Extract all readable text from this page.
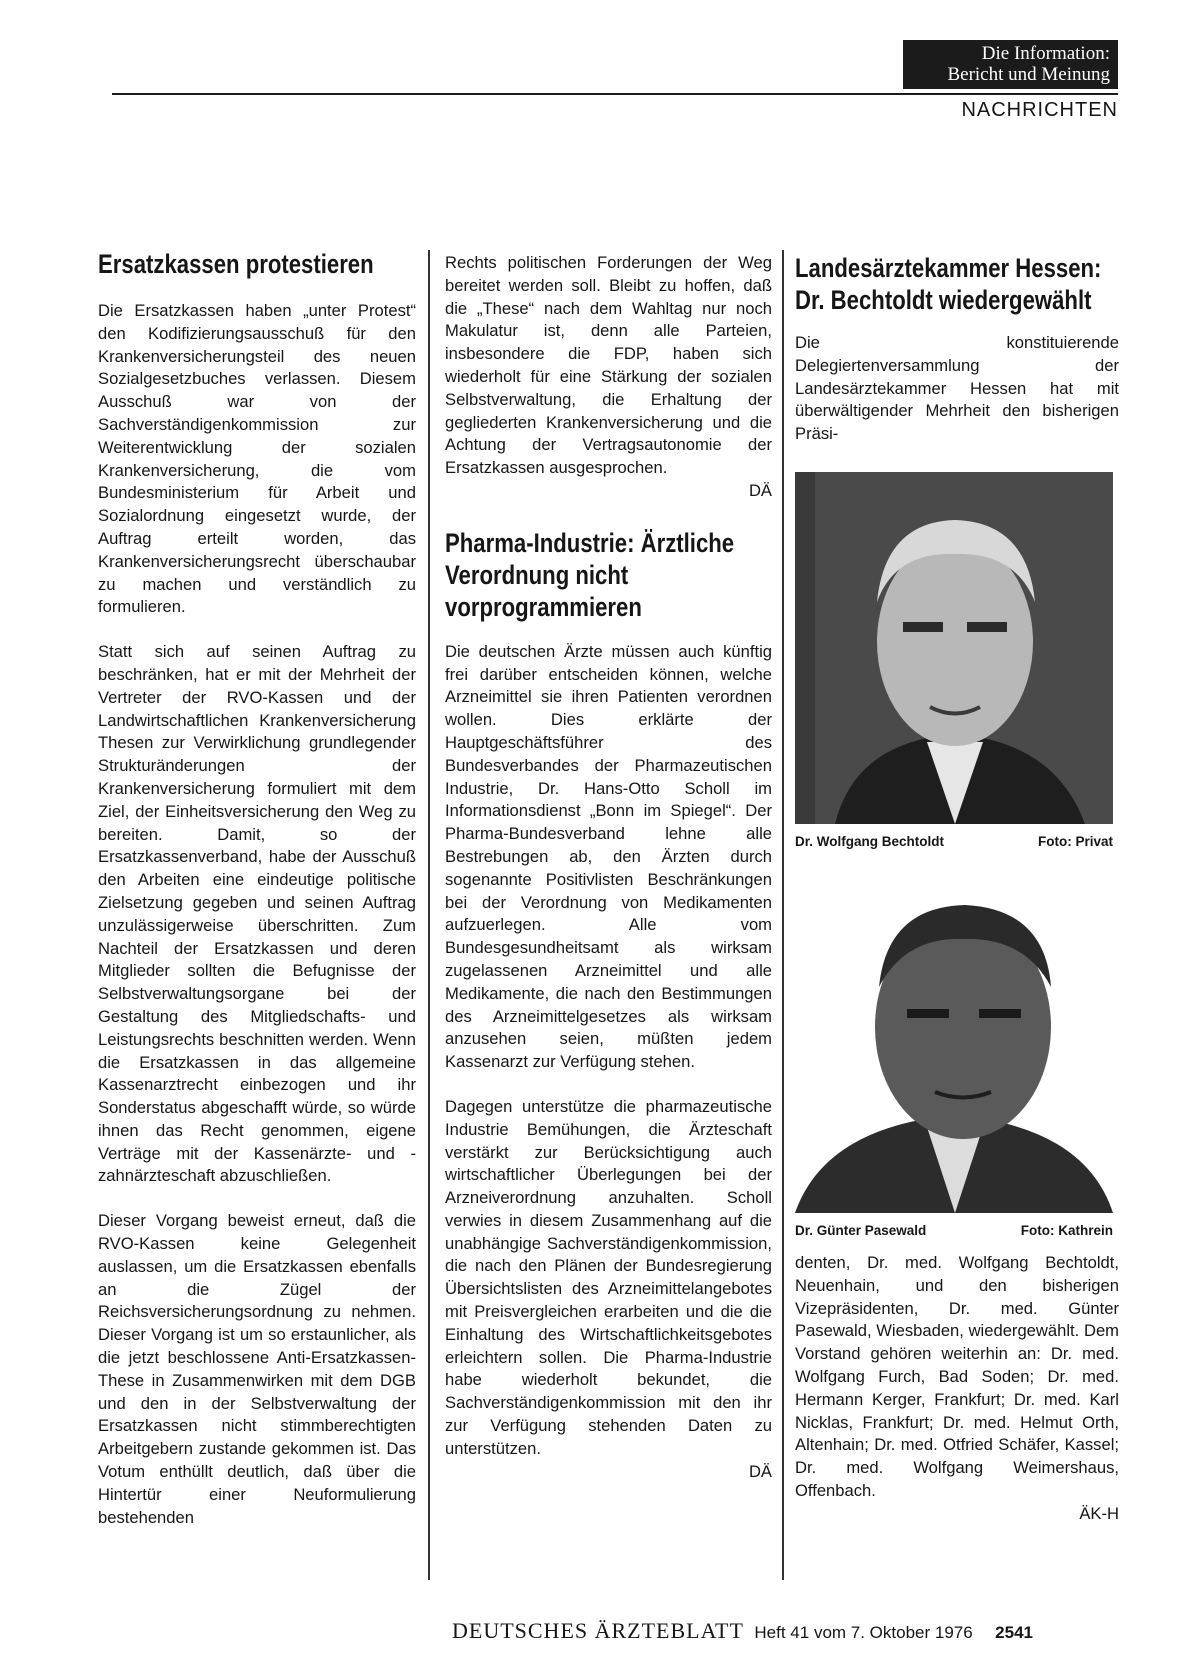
Die Information:
Bericht und Meinung
NACHRICHTEN
Ersatzkassen protestieren

Die Ersatzkassen haben „unter Protest“ den Kodifizierungsausschuß für den Krankenversicherungsteil des neuen Sozialgesetzbuches verlassen. Diesem Ausschuß war von der Sachverständigenkommission zur Weiterentwicklung der sozialen Krankenversicherung, die vom Bundesministerium für Arbeit und Sozialordnung eingesetzt wurde, der Auftrag erteilt worden, das Krankenversicherungsrecht überschaubar zu machen und verständlich zu formulieren.

Statt sich auf seinen Auftrag zu beschränken, hat er mit der Mehrheit der Vertreter der RVO-Kassen und der Landwirtschaftlichen Krankenversicherung Thesen zur Verwirklichung grundlegender Strukturänderungen der Krankenversicherung formuliert mit dem Ziel, der Einheitsversicherung den Weg zu bereiten. Damit, so der Ersatzkassenverband, habe der Ausschuß den Arbeiten eine eindeutige politische Zielsetzung gegeben und seinen Auftrag unzulässigerweise überschritten. Zum Nachteil der Ersatzkassen und deren Mitglieder sollten die Befugnisse der Selbstverwaltungsorgane bei der Gestaltung des Mitgliedschafts- und Leistungsrechts beschnitten werden. Wenn die Ersatzkassen in das allgemeine Kassenarztrecht einbezogen und ihr Sonderstatus abgeschafft würde, so würde ihnen das Recht genommen, eigene Verträge mit der Kassenärzte- und -zahnärzteschaft abzuschließen.

Dieser Vorgang beweist erneut, daß die RVO-Kassen keine Gelegenheit auslassen, um die Ersatzkassen ebenfalls an die Zügel der Reichsversicherungsordnung zu nehmen. Dieser Vorgang ist um so erstaunlicher, als die jetzt beschlossene Anti-Ersatzkassen-These in Zusammenwirken mit dem DGB und den in der Selbstverwaltung der Ersatzkassen nicht stimmberechtigten Arbeitgebern zustande gekommen ist. Das Votum enthüllt deutlich, daß über die Hintertür einer Neuformulierung bestehenden

Rechts politischen Forderungen der Weg bereitet werden soll. Bleibt zu hoffen, daß die „These“ nach dem Wahltag nur noch Makulatur ist, denn alle Parteien, insbesondere die FDP, haben sich wiederholt für eine Stärkung der sozialen Selbstverwaltung, die Erhaltung der gegliederten Krankenversicherung und die Achtung der Vertragsautonomie der Ersatzkassen ausgesprochen.

DÄ
Pharma-Industrie: Ärztliche Verordnung nicht vorprogrammieren

Die deutschen Ärzte müssen auch künftig frei darüber entscheiden können, welche Arzneimittel sie ihren Patienten verordnen wollen. Dies erklärte der Hauptgeschäftsführer des Bundesverbandes der Pharmazeutischen Industrie, Dr. Hans-Otto Scholl im Informationsdienst „Bonn im Spiegel“. Der Pharma-Bundesverband lehne alle Bestrebungen ab, den Ärzten durch sogenannte Positivlisten Beschränkungen bei der Verordnung von Medikamenten aufzuerlegen. Alle vom Bundesgesundheitsamt als wirksam zugelassenen Arzneimittel und alle Medikamente, die nach den Bestimmungen des Arzneimittelgesetzes als wirksam anzusehen seien, müßten jedem Kassenarzt zur Verfügung stehen.

Dagegen unterstütze die pharmazeutische Industrie Bemühungen, die Ärzteschaft verstärkt zur Berücksichtigung auch wirtschaftlicher Überlegungen bei der Arzneiverordnung anzuhalten. Scholl verwies in diesem Zusammenhang auf die unabhängige Sachverständigenkommission, die nach den Plänen der Bundesregierung Übersichtslisten des Arzneimittelangebotes mit Preisvergleichen erarbeiten und die die Einhaltung des Wirtschaftlichkeitsgebotes erleichtern sollen. Die Pharma-Industrie habe wiederholt bekundet, die Sachverständigenkommission mit den ihr zur Verfügung stehenden Daten zu unterstützen.

DÄ
Landesärztekammer Hessen: Dr. Bechtoldt wiedergewählt

Die konstituierende Delegiertenversammlung der Landesärztekammer Hessen hat mit überwältigender Mehrheit den bisherigen Präsi-

Dr. Wolfgang Bechtoldt	Foto: Privat
Dr. Günter Pasewald	Foto: Kathrein

denten, Dr. med. Wolfgang Bechtoldt, Neuenhain, und den bisherigen Vizepräsidenten, Dr. med. Günter Pasewald, Wiesbaden, wiedergewählt. Dem Vorstand gehören weiterhin an: Dr. med. Wolfgang Furch, Bad Soden; Dr. med. Hermann Kerger, Frankfurt; Dr. med. Karl Nicklas, Frankfurt; Dr. med. Helmut Orth, Altenhain; Dr. med. Otfried Schäfer, Kassel; Dr. med. Wolfgang Weimershaus, Offenbach.

ÄK-H
DEUTSCHES ÄRZTEBLATT Heft 41 vom 7. Oktober 1976 2541
